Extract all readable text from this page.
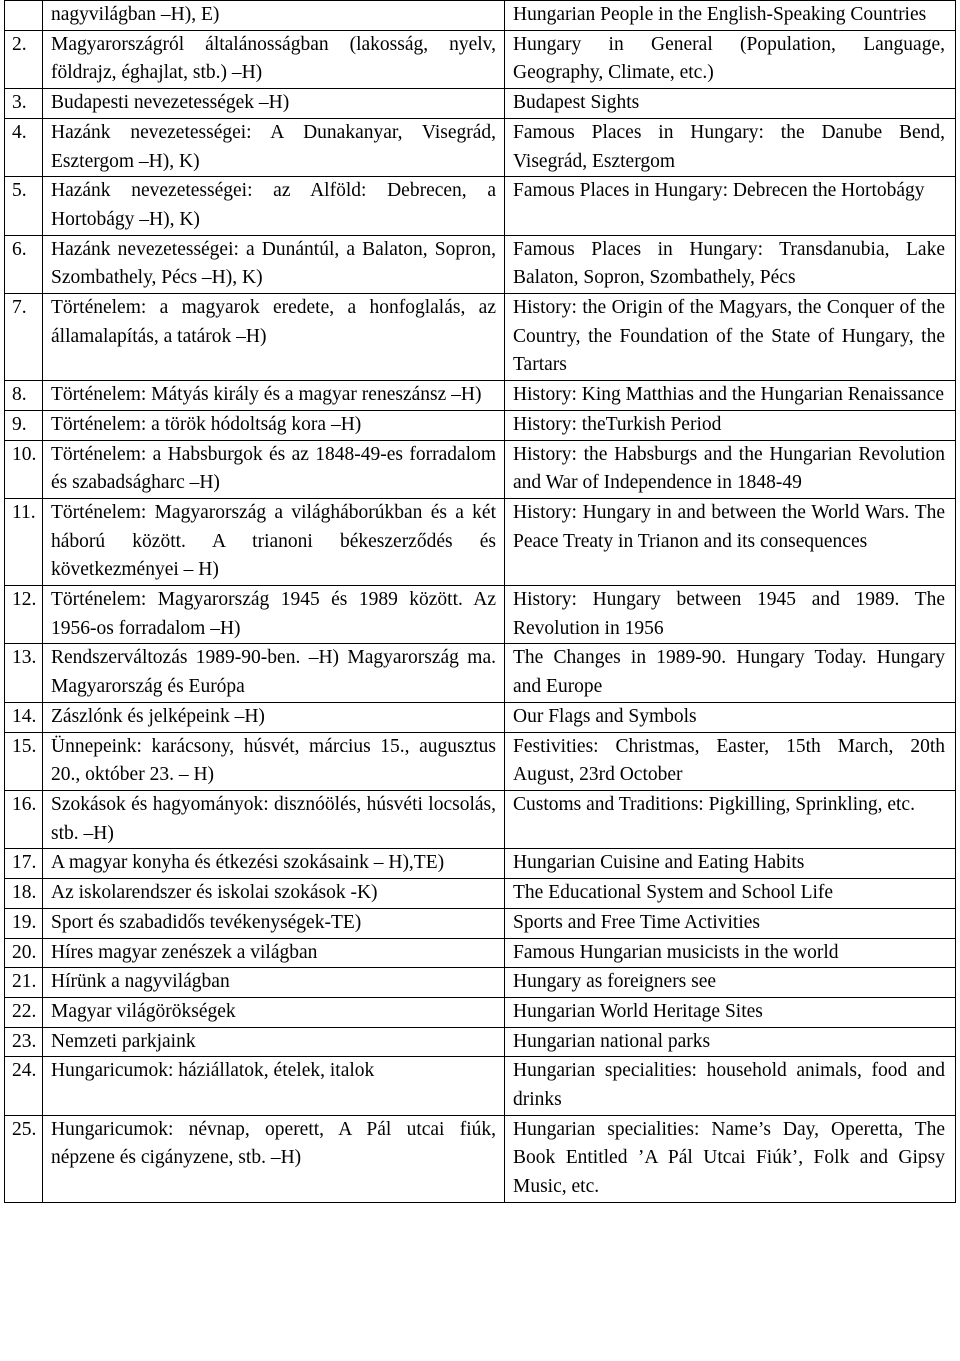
	nagyvilágban –H), E)	Hungarian People in the English-Speaking Countries

2.	Magyarországról általánosságban (lakosság, nyelv, földrajz, éghajlat, stb.) –H)	Hungary in General (Population, Language, Geography, Climate, etc.)

3.	Budapesti nevezetességek –H)	Budapest Sights

4.	Hazánk nevezetességei: A Dunakanyar, Visegrád, Esztergom –H), K)	Famous Places in Hungary: the Danube Bend, Visegrád, Esztergom

5.	Hazánk nevezetességei: az Alföld: Debrecen, a Hortobágy –H), K)	Famous Places in Hungary: Debrecen the Hortobágy

6.	Hazánk nevezetességei: a Dunántúl, a Balaton, Sopron, Szombathely, Pécs –H), K)	Famous Places in Hungary: Transdanubia, Lake Balaton, Sopron, Szombathely, Pécs

7.	Történelem: a magyarok eredete, a honfoglalás, az államalapítás, a tatárok –H)	History: the Origin of the Magyars, the Conquer of the Country, the Foundation of the State of Hungary, the Tartars

8.	Történelem: Mátyás király és a magyar reneszánsz –H)	History: King Matthias and the Hungarian Renaissance

9.	Történelem: a török hódoltság kora –H)	History: theTurkish Period

10.	Történelem: a Habsburgok és az 1848-49-es forradalom és szabadságharc –H)	History: the Habsburgs and the Hungarian Revolution and War of Independence in 1848-49

11.	Történelem: Magyarország a világháborúkban és a két háború között. A trianoni békeszerződés és következményei – H)	History: Hungary in and between the World Wars. The Peace Treaty in Trianon and its consequences

12.	Történelem: Magyarország 1945 és 1989 között. Az 1956-os forradalom –H)	History: Hungary between 1945 and 1989. The Revolution in 1956

13.	Rendszerváltozás 1989-90-ben. –H) Magyarország ma. Magyarország és Európa	The Changes in 1989-90. Hungary Today. Hungary and Europe

14.	Zászlónk és jelképeink –H)	Our Flags and Symbols

15.	Ünnepeink: karácsony, húsvét, március 15., augusztus 20., október 23. – H)	Festivities: Christmas, Easter, 15th March, 20th August, 23rd October

16.	Szokások és hagyományok: disznóölés, húsvéti locsolás, stb. –H)	Customs and Traditions: Pigkilling, Sprinkling, etc.

17.	A magyar konyha és étkezési szokásaink – H),TE)	Hungarian Cuisine and Eating Habits

18.	Az iskolarendszer és iskolai szokások -K)	The Educational System and School Life

19.	Sport és szabadidős tevékenységek-TE)	Sports and Free Time Activities

20.	Híres magyar zenészek a világban	Famous Hungarian musicists in the world

21.	Hírünk a nagyvilágban	Hungary as foreigners see

22.	Magyar világörökségek	Hungarian World Heritage Sites

23.	Nemzeti parkjaink	Hungarian national parks

24.	Hungaricumok: háziállatok, ételek, italok	Hungarian specialities: household animals, food and drinks

25.	Hungaricumok: névnap, operett, A Pál utcai fiúk, népzene és cigányzene, stb. –H)	Hungarian specialities: Name’s Day, Operetta, The Book Entitled ’A Pál Utcai Fiúk’, Folk and Gipsy Music, etc.
